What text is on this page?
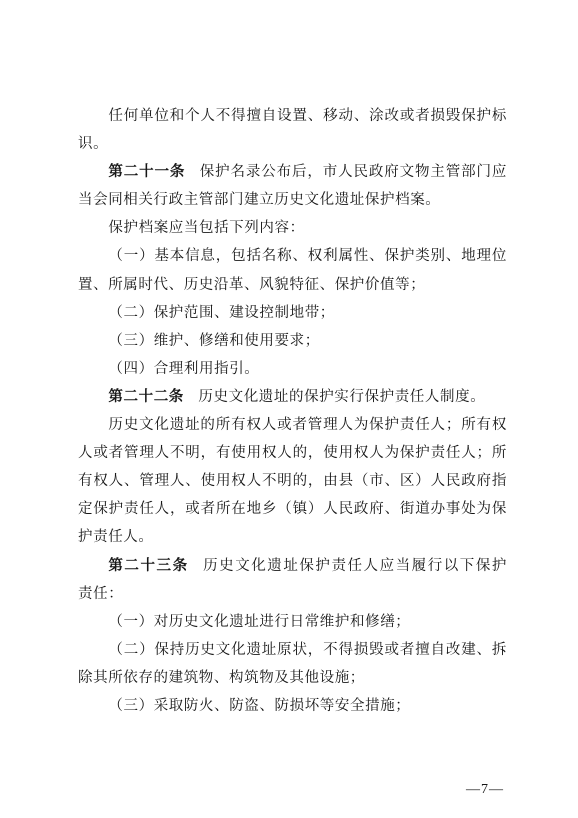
任何单位和个人不得擅自设置、移动、涂改或者损毁保护标
识。
第二十一条 保护名录公布后，市人民政府文物主管部门应
当会同相关行政主管部门建立历史文化遗址保护档案。
保护档案应当包括下列内容：
（一）基本信息，包括名称、权利属性、保护类别、地理位
置、所属时代、历史沿革、风貌特征、保护价值等；
（二）保护范围、建设控制地带；
（三）维护、修缮和使用要求；
（四）合理利用指引。
第二十二条 历史文化遗址的保护实行保护责任人制度。
历史文化遗址的所有权人或者管理人为保护责任人；所有权
人或者管理人不明，有使用权人的，使用权人为保护责任人；所
有权人、管理人、使用权人不明的，由县（市、区）人民政府指
定保护责任人，或者所在地乡（镇）人民政府、街道办事处为保
护责任人。
第二十三条 历史文化遗址保护责任人应当履行以下保护
责任：
（一）对历史文化遗址进行日常维护和修缮；
（二）保持历史文化遗址原状，不得损毁或者擅自改建、拆
除其所依存的建筑物、构筑物及其他设施；
（三）采取防火、防盗、防损坏等安全措施；
—7—
